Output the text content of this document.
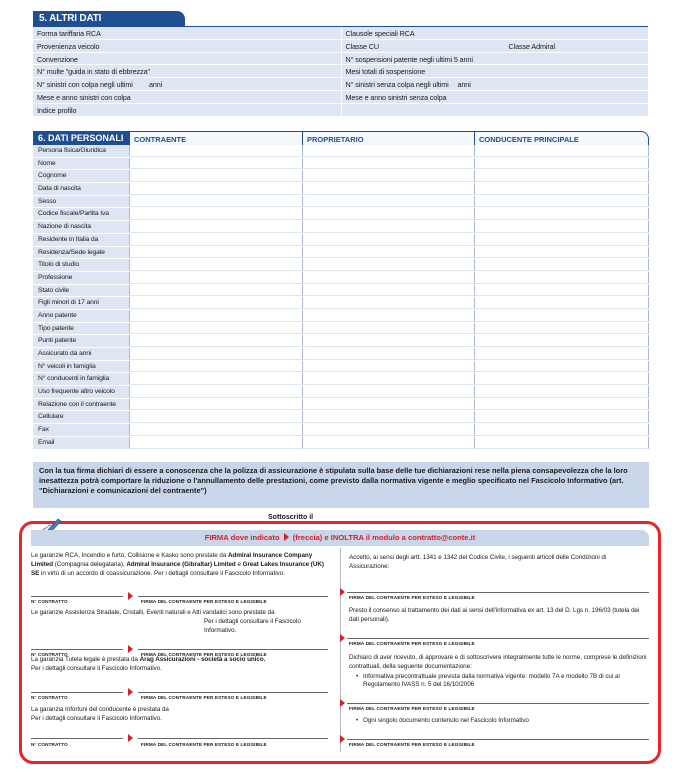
5. ALTRI DATI
Forma tariffaria RCA	Clausole speciali RCA
Provenienza veicolo	Classe CU	Classe Admiral
Convenzione	N° sospensioni patente negli ultimi 5 anni
N° multe "guida in stato di ebbrezza"	Mesi totali di sospensione
N° sinistri con colpa negli ultimi anni	N° sinistri senza colpa negli ultimi anni
Mese e anno sinistri con colpa	Mese e anno sinistri senza colpa
Indice profilo
6. DATI PERSONALI	CONTRAENTE	PROPRIETARIO	CONDUCENTE PRINCIPALE
Persona fisica/Giuridica
Nome
Cognome
Data di nascita
Sesso
Codice fiscale/Partita Iva
Nazione di nascita
Residente in Italia da
Residenza/Sede legale
Titolo di studio
Professione
Stato civile
Figli minori di 17 anni
Anno patente
Tipo patente
Punti patente
Assicurato da anni
N° veicoli in famiglia
N° conducenti in famiglia
Uso frequente altro veicolo
Relazione con il contraente
Cellulare
Fax
Email
Con la tua firma dichiari di essere a conoscenza che la polizza di assicurazione è stipulata sulla base delle tue dichiarazioni rese nella piena consapevolezza che la loro inesattezza potrà comportare la riduzione o l'annullamento delle prestazioni, come previsto dalla normativa vigente e meglio specificato nel Fascicolo Informativo (art. "Dichiarazioni e comunicazioni del contraente")
Sottoscritto il
FIRMA dove indicato (freccia) e INOLTRA il modulo a contratto@conte.it
Le garanzie RCA, Incendio e furto, Collisione e Kasko sono prestate da Admiral Insurance Company Limited (Compagnia delegataria), Admiral Insurance (Gibraltar) Limited e Great Lakes Insurance (UK) SE in virtù di un accordo di coassicurazione. Per i dettagli consultare il Fascicolo Informativo.
N° CONTRATTO	FIRMA DEL CONTRAENTE PER ESTESO E LEGGIBILE
Le garanzie Assistenza Stradale, Cristalli, Eventi naturali e Atti vandalici sono prestate da
Per i dettagli consultare il Fascicolo Informativo.
N° CONTRATTO	FIRMA DEL CONTRAENTE PER ESTESO E LEGGIBILE
La garanzia Tutela legale è prestata da Arag Assicurazioni - società a socio unico.
Per i dettagli consultare il Fascicolo Informativo.
N° CONTRATTO	FIRMA DEL CONTRAENTE PER ESTESO E LEGGIBILE
La garanzia Infortuni del conducente è prestata da
Per i dettagli consultare il Fascicolo Informativo.
N° CONTRATTO	FIRMA DEL CONTRAENTE PER ESTESO E LEGGIBILE
Accetto, ai sensi degli artt. 1341 e 1342 del Codice Civile, i seguenti articoli delle Condizioni di Assicurazione:
FIRMA DEL CONTRAENTE PER ESTESO E LEGGIBILE
Presto il consenso al trattamento dei dati ai sensi dell'informativa ex art. 13 del D. Lgs n. 196/03 (tutela dei dati personali).
FIRMA DEL CONTRAENTE PER ESTESO E LEGGIBILE
Dichiaro di aver ricevuto, di approvare e di sottoscrivere integralmente tutte le norme, comprese le definizioni contrattuali, della seguente documentazione:
• Informativa precontrattuale prevista dalla normativa vigente: modello 7A e modello 7B di cui al Regolamento IVASS n. 5 del 16/10/2006
FIRMA DEL CONTRAENTE PER ESTESO E LEGGIBILE
• Ogni singolo documento contenuto nel Fascicolo Informativo
FIRMA DEL CONTRAENTE PER ESTESO E LEGGIBILE
